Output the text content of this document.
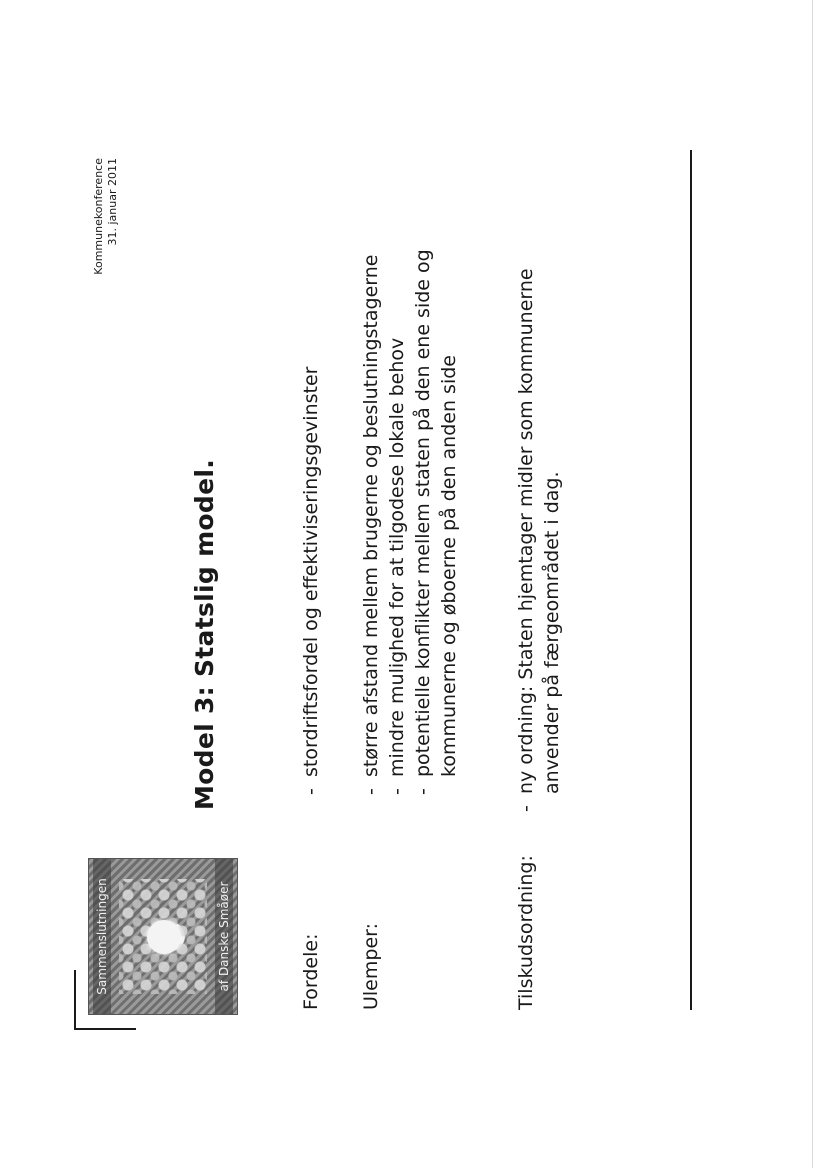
Sammenslutningen	af Danske Småøer
Kommunekonference 31. januar 2011
Model 3: Statslig model.
Fordele:
-stordriftsfordel og effektiviseringsgevinster
Ulemper:
-større afstand mellem brugerne og beslutningstagerne
-mindre mulighed for at tilgodese lokale behov
-potentielle konflikter mellem staten på den ene side og kommunerne og øboerne på den anden side
Tilskudsordning:
-ny ordning: Staten hjemtager midler som kommunerne anvender på færgeområdet i dag.
